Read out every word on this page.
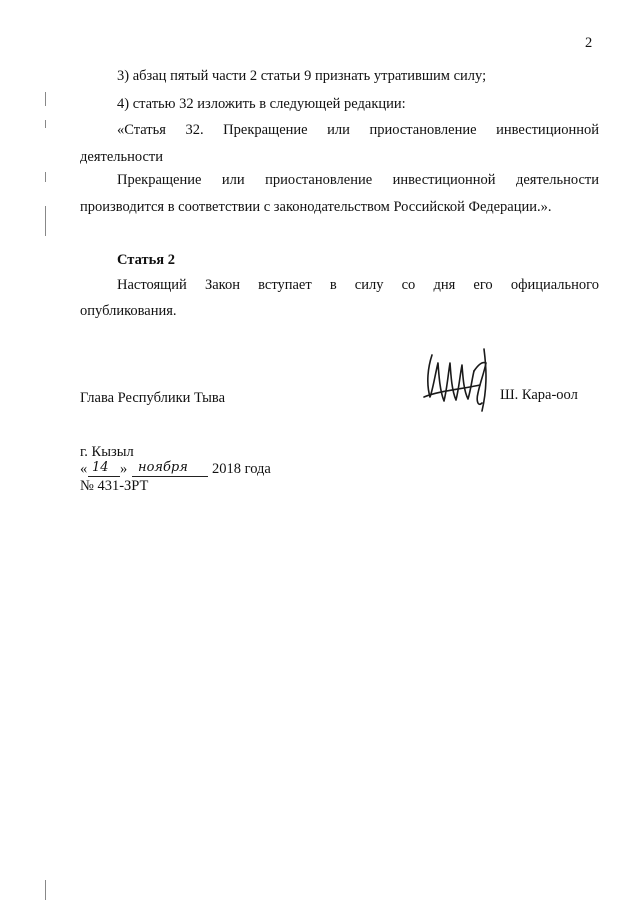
2
3) абзац пятый части 2 статьи 9 признать утратившим силу;
4) статью 32 изложить в следующей редакции:
«Статья 32. Прекращение или приостановление инвестиционной
деятельности
Прекращение или приостановление инвестиционной деятельности
производится в соответствии с законодательством Российской Федерации.».
Статья 2
Настоящий Закон вступает в силу со дня его официального
опубликования.
Глава Республики Тыва	Ш. Кара-оол
г. Кызыл
« 14 » ноября 2018 года
№ 431-ЗРТ
